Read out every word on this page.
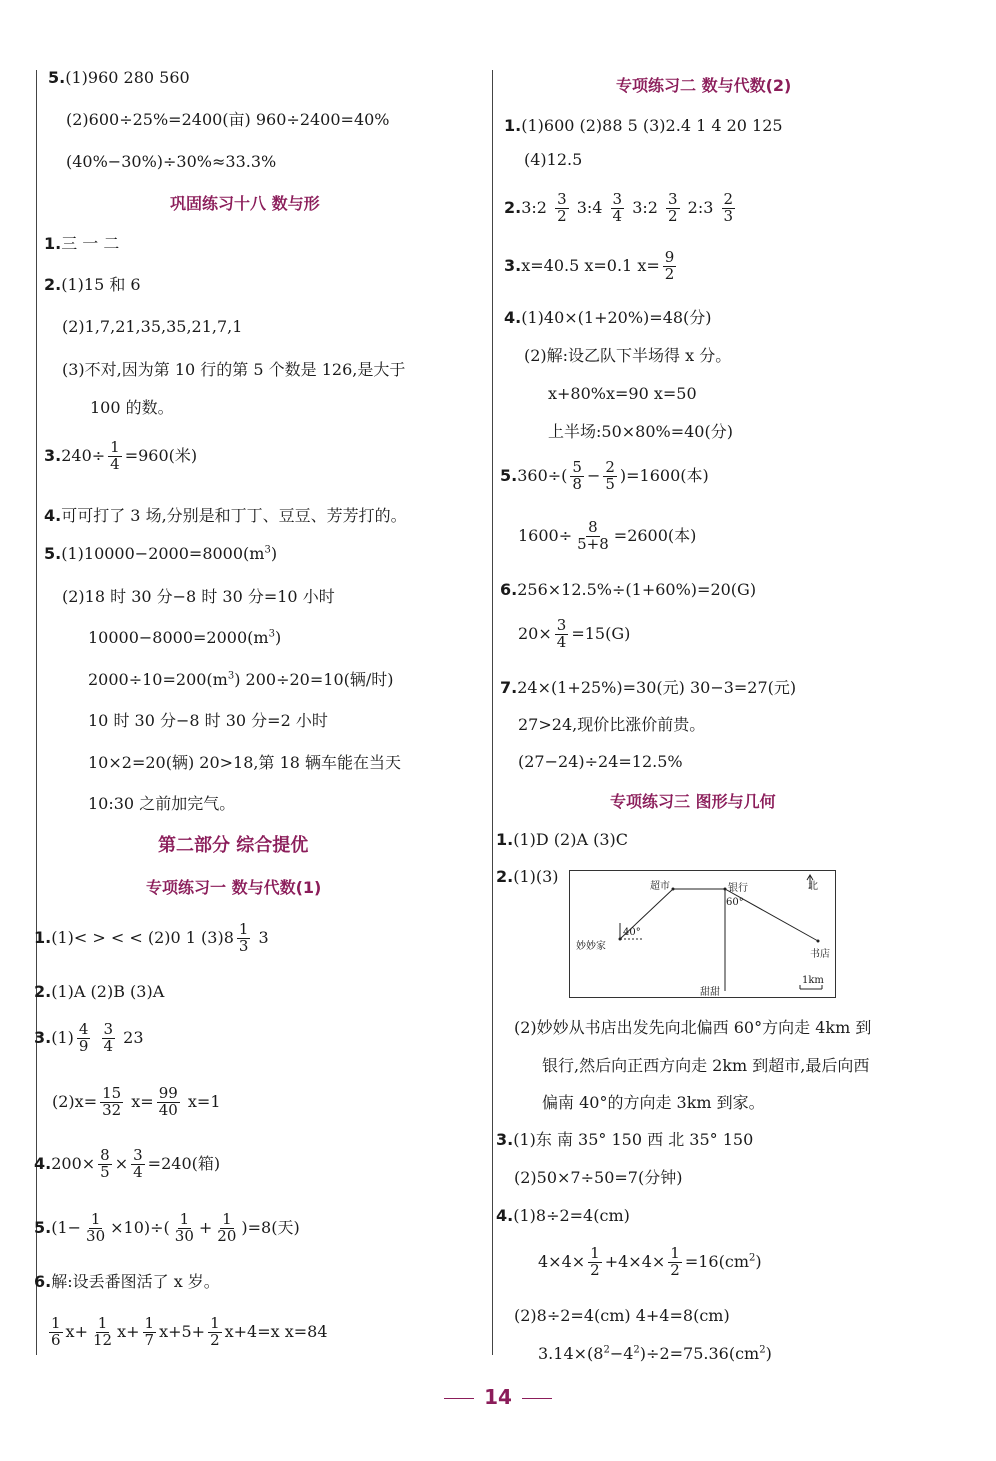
5.(1)960 280 560
(2)600÷25%=2400(亩) 960÷2400=40%
(40%−30%)÷30%≈33.3%
巩固练习十八 数与形
1.三 一 二
2.(1)15 和 6
(2)1,7,21,35,35,21,7,1
(3)不对,因为第 10 行的第 5 个数是 126,是大于
100 的数。
$3.240\div \frac{1}{4} =960$(米)
4.可可打了 3 场,分别是和丁丁、豆豆、芳芳打的。
$5.(1)10000-2000=8000(m^3)$
(2)18 时 30 分−8 时 30 分=10 小时
$10000-8000=2000(m^3)$
$2000\div 10=200(m^3)$ 200÷20=10(辆/时)
10 时 30 分−8 时 30 分=2 小时
10×2=20(辆) 20>18,第 18 辆车能在当天
10:30 之前加完气。
第二部分 综合提优
专项练习一 数与代数(1)
1.(1)< > < < (2)0 1 $(3)8 \frac{1}{3} 3$
2.(1)A (2)B (3)A
$3.(1) \frac{4}{9}$
$\frac{3}{4} 23$
$(2)x= \frac{15}{32} x= \frac{99}{40} x=1$
$4.200\times \frac{8}{5} \times \frac{3}{4} =240$(箱)
$5.(1- \frac{1}{30} \times 10)\div( \frac{1}{30} + \frac{1}{20} )=8$(天)
6.解:设丢番图活了 x 岁。
$\frac{1}{6} x+ \frac{1}{12} x+ \frac{1}{7} x+5+ \frac{1}{2} x+4=x$ x=84
专项练习二 数与代数(2)
1.(1)600 (2)88 5 (3)2.4 1 4 20 125
(4)12.5
2.3:2 $\frac{3}{2}$ 3:4 $\frac{3}{4}$ 3:2 $\frac{3}{2}$ 2:3 $\frac{2}{3}$
3.x=40.5 x=0.1 $x= \frac{9}{2}$
4.(1)40×(1+20%)=48(分)
(2)解:设乙队下半场得 x 分。
x+80%x=90 x=50
上半场:50×80%=40(分)
$5.360\div( \frac{5}{8} - \frac{2}{5} )=1600$(本)
$1600\div \frac{8}{5+8} =2600$(本)
6.256×12.5%÷(1+60%)=20(G)
$20\times \frac{3}{4} =15(G)$
7.24×(1+25%)=30(元) 30−3=27(元)
27>24,现价比涨价前贵。
(27−24)÷24=12.5%
专项练习三 图形与几何
1.(1)D (2)A (3)C
2.(1)(3)
超市	银行	北
妙妙家
书店
甜甜
1km
40°
60°
(2)妙妙从书店出发先向北偏西 60°方向走 4km 到
银行,然后向正西方向走 2km 到超市,最后向西
偏南 40°的方向走 3km 到家。
3.(1)东 南 35° 150 西 北 35° 150
(2)50×7÷50=7(分钟)
4.(1)8÷2=4(cm)
$4\times 4\times \frac{1}{2} +4\times 4\times \frac{1}{2} =16(cm^2)$
(2)8÷2=4(cm) 4+4=8(cm)
$3.14\times(8^2-4^2)\div 2=75.36(cm^2)$
14
